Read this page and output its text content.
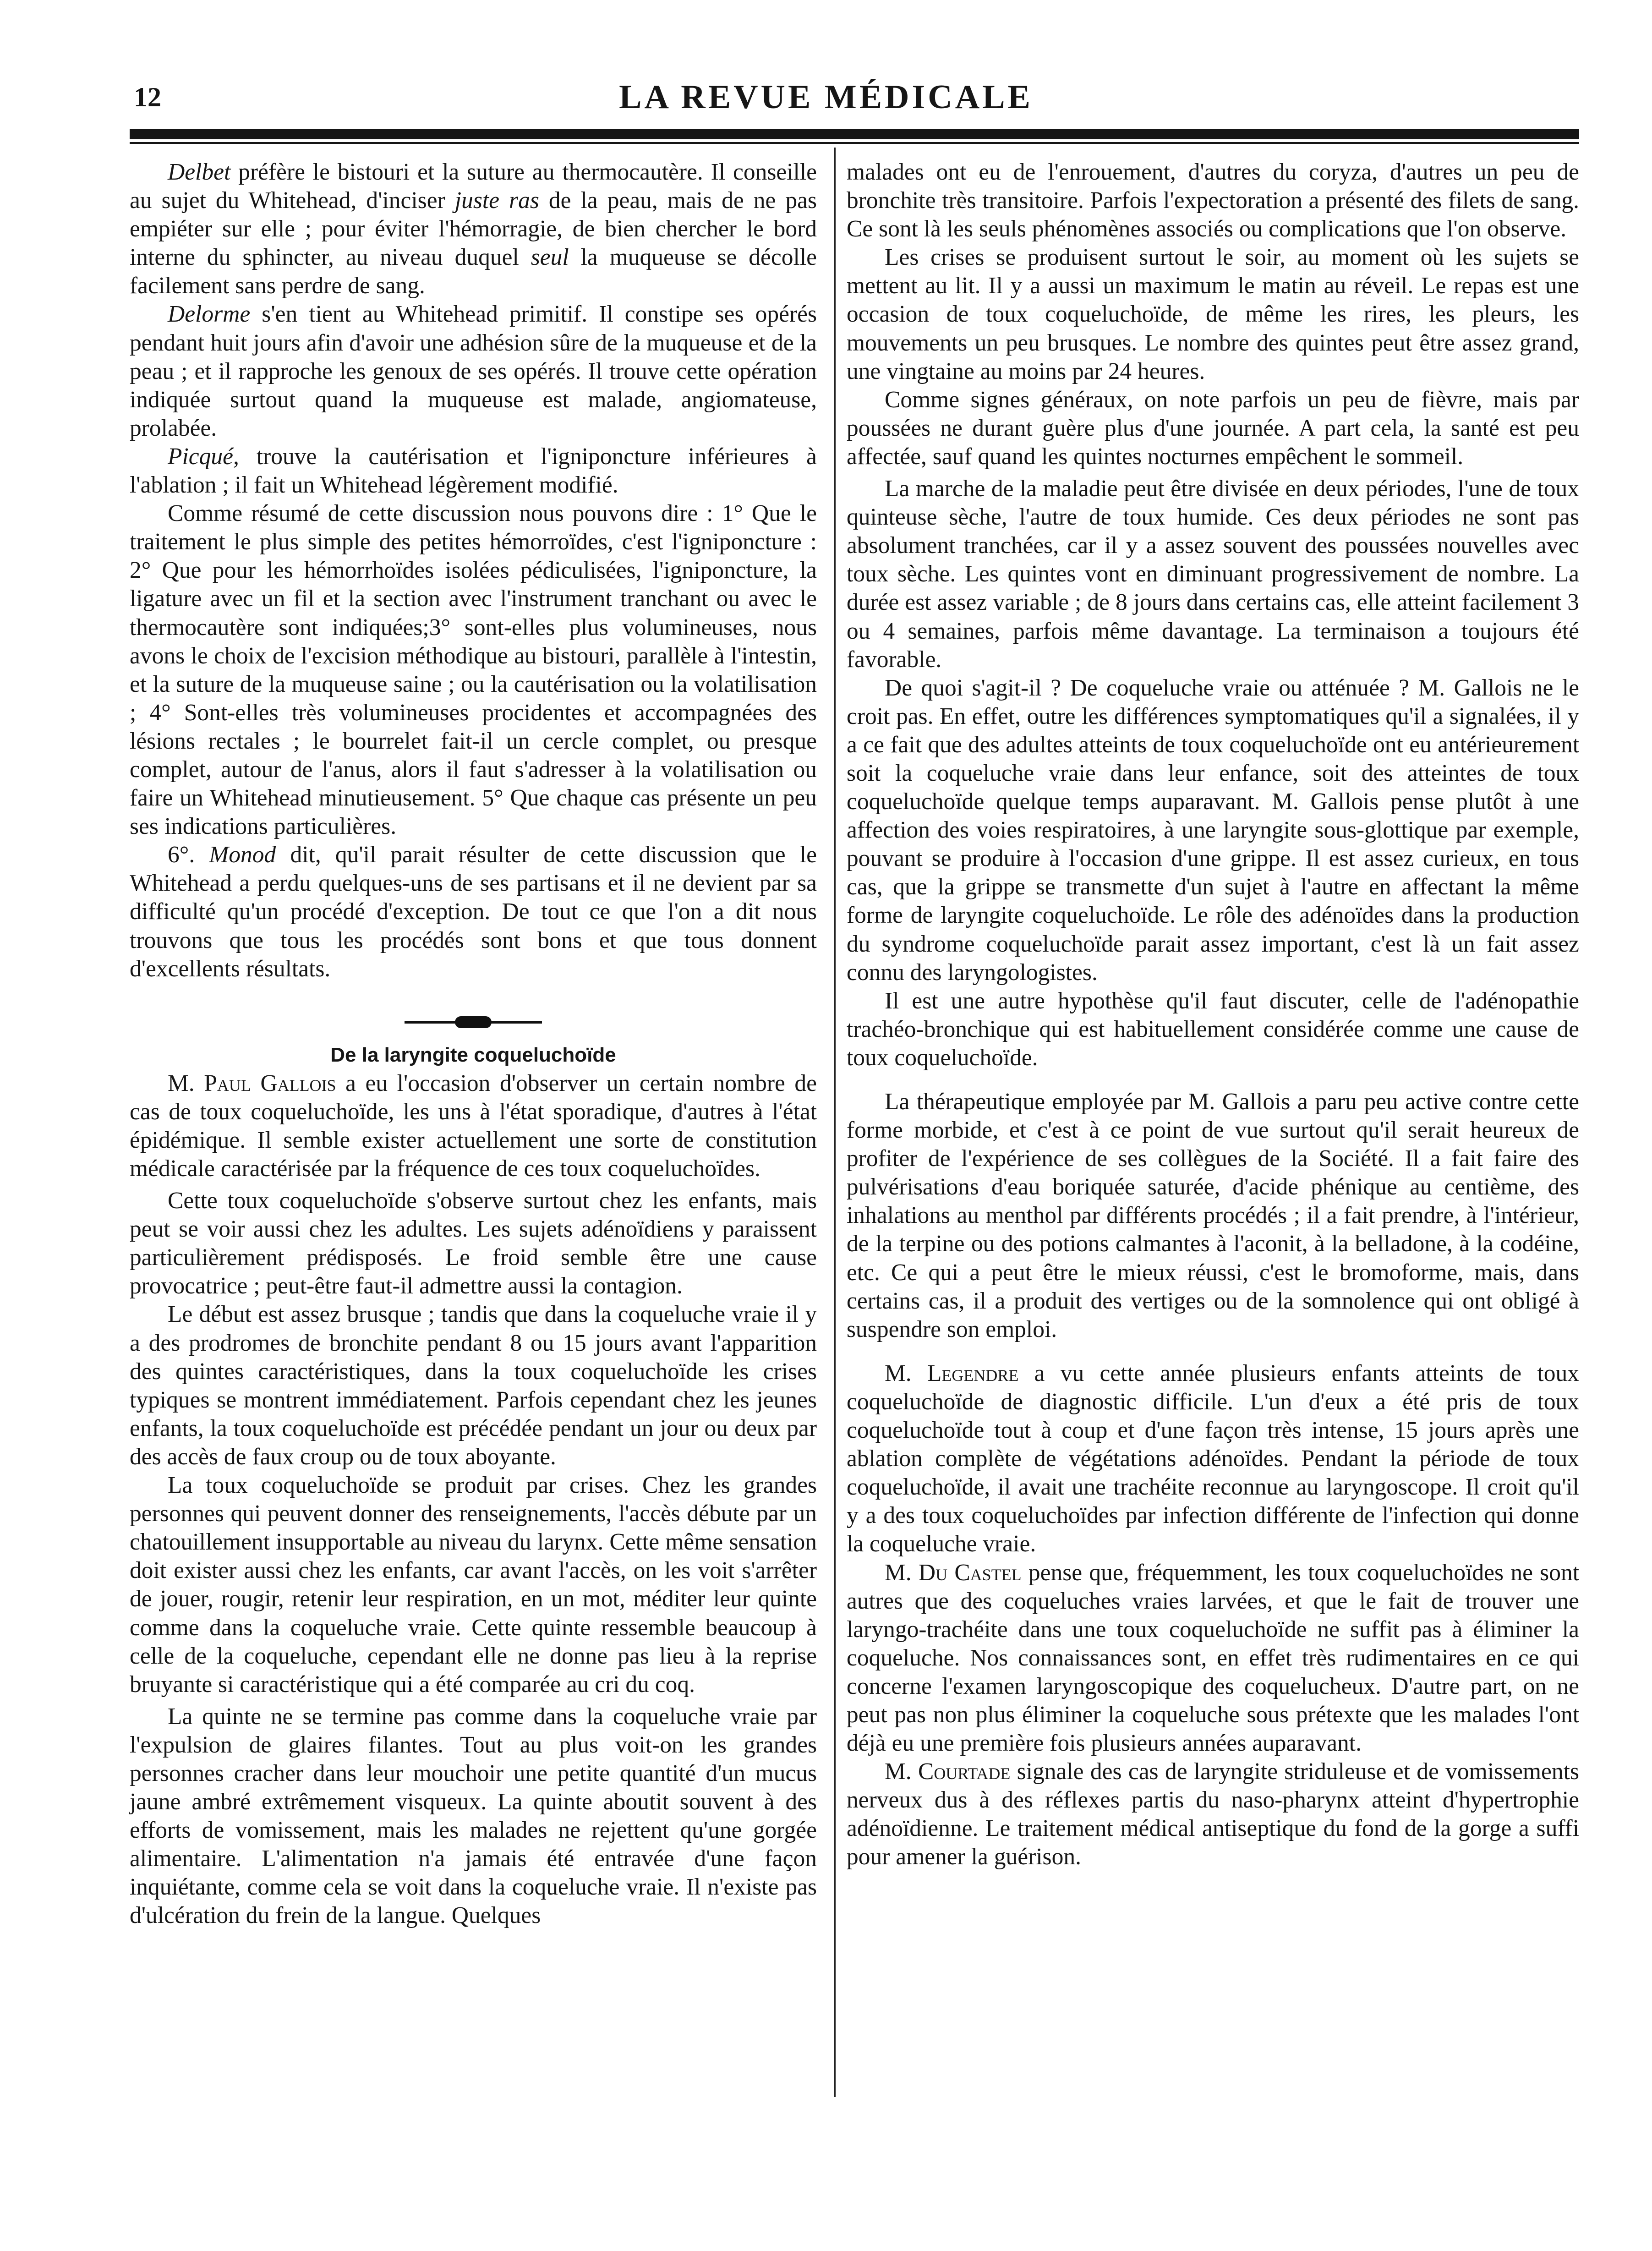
12	LA REVUE MÉDICALE

Delbet préfère le bistouri et la suture au thermocautère. Il conseille au sujet du Whitehead, d'inciser juste ras de la peau, mais de ne pas empiéter sur elle ; pour éviter l'hémorragie, de bien chercher le bord interne du sphincter, au niveau duquel seul la muqueuse se décolle facilement sans perdre de sang.

Delorme s'en tient au Whitehead primitif. Il constipe ses opérés pendant huit jours afin d'avoir une adhésion sûre de la muqueuse et de la peau ; et il rapproche les genoux de ses opérés. Il trouve cette opération indiquée surtout quand la muqueuse est malade, angiomateuse, prolabée.

Picqué, trouve la cautérisation et l'igniponcture inférieures à l'ablation ; il fait un Whitehead légèrement modifié.

Comme résumé de cette discussion nous pouvons dire : 1° Que le traitement le plus simple des petites hémorroïdes, c'est l'igniponcture : 2° Que pour les hémorrhoïdes isolées pédiculisées, l'igniponcture, la ligature avec un fil et la section avec l'instrument tranchant ou avec le thermocautère sont indiquées;3° sont-elles plus volumineuses, nous avons le choix de l'excision méthodique au bistouri, parallèle à l'intestin, et la suture de la muqueuse saine ; ou la cautérisation ou la volatilisation ; 4° Sont-elles très volumineuses procidentes et accompagnées des lésions rectales ; le bourrelet fait-il un cercle complet, ou presque complet, autour de l'anus, alors il faut s'adresser à la volatilisation ou faire un Whitehead minutieusement. 5° Que chaque cas présente un peu ses indications particulières.

6°. Monod dit, qu'il parait résulter de cette discussion que le Whitehead a perdu quelques-uns de ses partisans et il ne devient par sa difficulté qu'un procédé d'exception. De tout ce que l'on a dit nous trouvons que tous les procédés sont bons et que tous donnent d'excellents résultats.

De la laryngite coqueluchoïde

M. Paul Gallois a eu l'occasion d'observer un certain nombre de cas de toux coqueluchoïde, les uns à l'état sporadique, d'autres à l'état épidémique. Il semble exister actuellement une sorte de constitution médicale caractérisée par la fréquence de ces toux coqueluchoïdes.

Cette toux coqueluchoïde s'observe surtout chez les enfants, mais peut se voir aussi chez les adultes. Les sujets adénoïdiens y paraissent particulièrement prédisposés. Le froid semble être une cause provocatrice ; peut-être faut-il admettre aussi la contagion.

Le début est assez brusque ; tandis que dans la coqueluche vraie il y a des prodromes de bronchite pendant 8 ou 15 jours avant l'apparition des quintes caractéristiques, dans la toux coqueluchoïde les crises typiques se montrent immédiatement. Parfois cependant chez les jeunes enfants, la toux coqueluchoïde est précédée pendant un jour ou deux par des accès de faux croup ou de toux aboyante.

La toux coqueluchoïde se produit par crises. Chez les grandes personnes qui peuvent donner des renseignements, l'accès débute par un chatouillement insupportable au niveau du larynx. Cette même sensation doit exister aussi chez les enfants, car avant l'accès, on les voit s'arrêter de jouer, rougir, retenir leur respiration, en un mot, méditer leur quinte comme dans la coqueluche vraie. Cette quinte ressemble beaucoup à celle de la coqueluche, cependant elle ne donne pas lieu à la reprise bruyante si caractéristique qui a été comparée au cri du coq.

La quinte ne se termine pas comme dans la coqueluche vraie par l'expulsion de glaires filantes. Tout au plus voit-on les grandes personnes cracher dans leur mouchoir une petite quantité d'un mucus jaune ambré extrêmement visqueux. La quinte aboutit souvent à des efforts de vomissement, mais les malades ne rejettent qu'une gorgée alimentaire. L'alimentation n'a jamais été entravée d'une façon inquiétante, comme cela se voit dans la coqueluche vraie. Il n'existe pas d'ulcération du frein de la langue. Quelques

malades ont eu de l'enrouement, d'autres du coryza, d'autres un peu de bronchite très transitoire. Parfois l'expectoration a présenté des filets de sang. Ce sont là les seuls phénomènes associés ou complications que l'on observe.

Les crises se produisent surtout le soir, au moment où les sujets se mettent au lit. Il y a aussi un maximum le matin au réveil. Le repas est une occasion de toux coqueluchoïde, de même les rires, les pleurs, les mouvements un peu brusques. Le nombre des quintes peut être assez grand, une vingtaine au moins par 24 heures.

Comme signes généraux, on note parfois un peu de fièvre, mais par poussées ne durant guère plus d'une journée. A part cela, la santé est peu affectée, sauf quand les quintes nocturnes empêchent le sommeil.

La marche de la maladie peut être divisée en deux périodes, l'une de toux quinteuse sèche, l'autre de toux humide. Ces deux périodes ne sont pas absolument tranchées, car il y a assez souvent des poussées nouvelles avec toux sèche. Les quintes vont en diminuant progressivement de nombre. La durée est assez variable ; de 8 jours dans certains cas, elle atteint facilement 3 ou 4 semaines, parfois même davantage. La terminaison a toujours été favorable.

De quoi s'agit-il ? De coqueluche vraie ou atténuée ? M. Gallois ne le croit pas. En effet, outre les différences symptomatiques qu'il a signalées, il y a ce fait que des adultes atteints de toux coqueluchoïde ont eu antérieurement soit la coqueluche vraie dans leur enfance, soit des atteintes de toux coqueluchoïde quelque temps auparavant. M. Gallois pense plutôt à une affection des voies respiratoires, à une laryngite sous-glottique par exemple, pouvant se produire à l'occasion d'une grippe. Il est assez curieux, en tous cas, que la grippe se transmette d'un sujet à l'autre en affectant la même forme de laryngite coqueluchoïde. Le rôle des adénoïdes dans la production du syndrome coqueluchoïde parait assez important, c'est là un fait assez connu des laryngologistes.

Il est une autre hypothèse qu'il faut discuter, celle de l'adénopathie trachéo-bronchique qui est habituellement considérée comme une cause de toux coqueluchoïde.

La thérapeutique employée par M. Gallois a paru peu active contre cette forme morbide, et c'est à ce point de vue surtout qu'il serait heureux de profiter de l'expérience de ses collègues de la Société. Il a fait faire des pulvérisations d'eau boriquée saturée, d'acide phénique au centième, des inhalations au menthol par différents procédés ; il a fait prendre, à l'intérieur, de la terpine ou des potions calmantes à l'aconit, à la belladone, à la codéine, etc. Ce qui a peut être le mieux réussi, c'est le bromoforme, mais, dans certains cas, il a produit des vertiges ou de la somnolence qui ont obligé à suspendre son emploi.

M. Legendre a vu cette année plusieurs enfants atteints de toux coqueluchoïde de diagnostic difficile. L'un d'eux a été pris de toux coqueluchoïde tout à coup et d'une façon très intense, 15 jours après une ablation complète de végétations adénoïdes. Pendant la période de toux coqueluchoïde, il avait une trachéite reconnue au laryngoscope. Il croit qu'il y a des toux coqueluchoïdes par infection différente de l'infection qui donne la coqueluche vraie.

M. Du Castel pense que, fréquemment, les toux coqueluchoïdes ne sont autres que des coqueluches vraies larvées, et que le fait de trouver une laryngo-trachéite dans une toux coqueluchoïde ne suffit pas à éliminer la coqueluche. Nos connaissances sont, en effet très rudimentaires en ce qui concerne l'examen laryngoscopique des coquelucheux. D'autre part, on ne peut pas non plus éliminer la coqueluche sous prétexte que les malades l'ont déjà eu une première fois plusieurs années auparavant.

M. Courtade signale des cas de laryngite striduleuse et de vomissements nerveux dus à des réflexes partis du naso-pharynx atteint d'hypertrophie adénoïdienne. Le traitement médical antiseptique du fond de la gorge a suffi pour amener la guérison.
